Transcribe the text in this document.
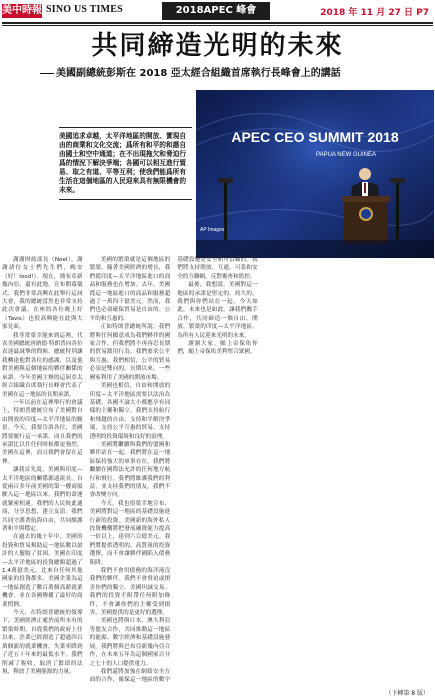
美中時報 SINO US TIMES	2018APEC 峰會	2018 年 11 月 27 日 P7
共同締造光明的未來
美國副總統彭斯在 2018 亞太經合組織首席執行長峰會上的講話
美國追求卓越，太平洋地區的開放、實現自由的商業和文化交流；爲所有和平的和諧自由國土和空中通道；在不出現拖欠和脅迫行爲的情況下解決爭端；各國可以相互進行貿易、取之有道、平等互利；使我們能爲所有生活在這個地區的人民迎來具有無限機會的未來。
APEC CEO SUMMIT 2018
PAPUA NEW GUINEA
AP Images

謝謝財政部長（Noel）。謝謝諸位女士們先生們，晚安（好！lood!）。現在，簡布亞新幾內亞，還有此地，宣布開幕儀式。我們非常高興在此舉行這屆大會，我的總統當然也非常支持此次會議。在座的各位晚上好（Tavis）也很高興能在此與大家見面。

我非常榮幸能來到這裡，代表美國總統唐納德·特朗普向各位表達最誠摯的問候。總統特別讓我轉達他對各位的感謝，以及他對美國與這個地區的夥伴關係的承諾。今年美國主辦的這屆亞太經合組織首席執行長峰會代表了美國在這一地區的長期承諾。

一年以前在這裡舉行的會議上，特朗普總統宣布了美國對自由開放的印度—太平洋地區的願景。今天，我要告訴各位，美國將要履行這一承諾，而且我們的承諾比以往任何時候都更強烈。美國在這裡，而且我們會留在這裡。

讓我首先說，美國與印度—太平洋地區的關係源遠流長。自從兩百多年前美國的第一艘商船駛入這一地區以來，我們的命運就緊密相連。我們的人民彼此通商，分享思想，建立友誼。我們共同守護著航海自由，共同維護著和平與穩定。

在過去的幾十年中，美國的投資和貿易幫助這一地區數以億計的人擺脫了貧困。美國在印度—太平洋地區的投資總額超過了1.4萬億美元，比來自任何其他國家的投資都多。美國企業為這一地區創造了數百萬個高薪就業機會，並在各國傳播了最好的商業慣例。

今天，在特朗普總統的領導下，美國經濟正處於前所未有的繁榮時期。自從我們的政府上任以來，企業已經創造了超過四百萬個新的就業機會，失業率降到了近五十年來的最低水平。我們削減了稅收，取消了繁瑣的法規，釋放了美國能源的力量。

美國的繁榮就是這個地區的繁榮。隨著美國經濟的增長，我們從印度—太平洋地區進口的商品和服務也在增加。去年，美國從這一地區進口的商品和服務超過了一萬四千億美元。然而，我們也必須確保貿易是自由的、公平的和互惠的。

正如特朗普總統所說，我們將與任何願意成為我們夥伴的國家合作，但我們將不再容忍長期的貿易濫用行為。我們要求公平與互惠。我們相信，公平的貿易必須是雙向的。長期以來，一些國家利用了美國的開放市場。

美國也相信，自由和開放的印度—太平洋地區需要以法治為基礎。各國不論大小都應享有同樣的主權和獨立。我們支持航行和飛越的自由，支持和平解決爭端，支持公平互惠的貿易，支持透明的投資環境和良好的治理。

美國將繼續與我們的盟國和夥伴站在一起。我們將在這一地區保持強大的軍事存在。我們將繼續在國際法允許的任何地方航行和飛行。我們將維護我們的利益，並支持我們的朋友。我們不會改變方向。

今天，我也很榮幸地宣布，美國將對這一地區的基礎設施進行新的投資。美國新的海外私人投資機構將把發展融資能力提高一倍以上，達到六百億美元。我們將提供透明的、高質量的投資選擇，而不會讓夥伴國陷入債務陷阱。

我們不會用債務的海洋淹沒我們的夥伴。我們不會脅迫或損害你們的獨立。美國坦誠交易。我們的投資不附帶任何附加條件，不會讓你們的主權受到損害。美國提供的是更好的選擇。

美國也將與日本、澳大利亞等盟友合作，共同推動這一地區的能源、數字經濟和基礎設施發展。我們將與巴布亞新幾內亞合作，在未來五年為這個國家百分之七十的人口提供電力。

我們還將加強在網絡安全方面的合作，確保這一地區的數字基礎設施是安全和可信賴的。我們將支持開放、互通、可靠和安全的互聯網，反對審查和監控。

最後，我想說，美國對這一地區的承諾是堅定的、持久的。我們與你們站在一起，今天如此，未來也是如此。讓我們攜手合作，共同締造一個自由、開放、繁榮的印度—太平洋地區，為所有人民迎來光明的未來。

謝謝大家。願上帝保佑你們，願上帝保佑美利堅合眾國。

（下轉第 8 版）
